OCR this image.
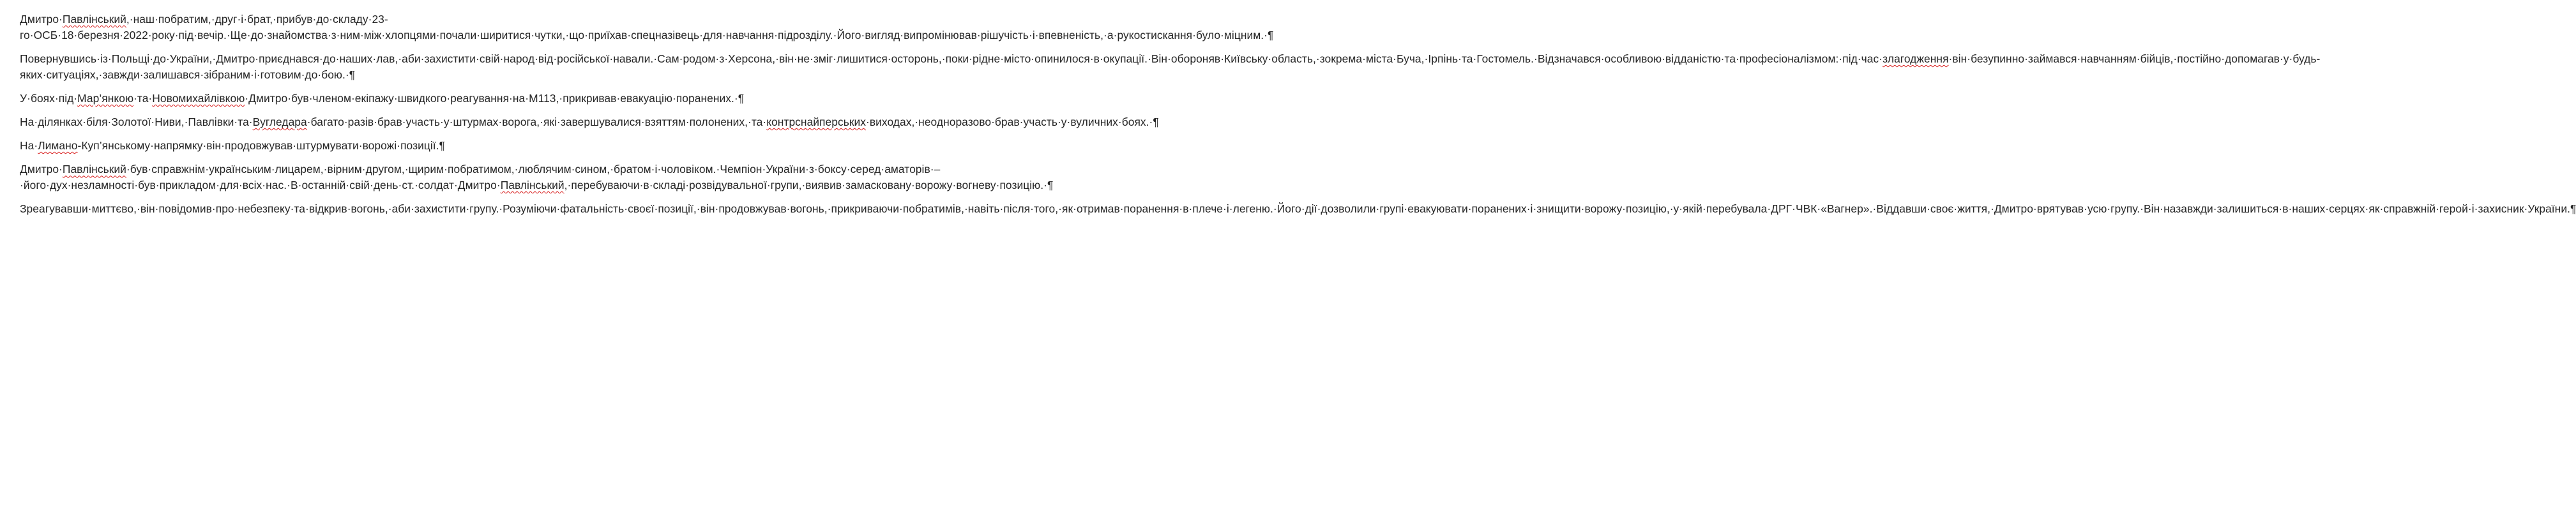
Дмитро·Павлінський,·наш·побратим,·друг·і·брат,·прибув·до·складу·23-го·ОСБ·18·березня·2022·року·під·вечір.·Ще·до·знайомства·з·ним·між·хлопцями·почали·ширитися·чутки,·що·приїхав·спецназівець·для·навчання·підрозділу.·Його·вигляд·випромінював·рішучість·і·впевненість,·а·рукостискання·було·міцним.·¶

Повернувшись·із·Польщі·до·України,·Дмитро·приєднався·до·наших·лав,·аби·захистити·свій·народ·від·російської·навали.·Сам·родом·з·Херсона,·він·не·зміг·лишитися·осторонь,·поки·рідне·місто·опинилося·в·окупації.·Він·обороняв·Київську·область,·зокрема·міста·Буча,·Ірпінь·та·Гостомель.·Відзначався·особливою·відданістю·та·професіоналізмом:·під·час·злагодження·він·безупинно·займався·навчанням·бійців,·постійно·допомагав·у·будь-яких·ситуаціях,·завжди·залишався·зібраним·і·готовим·до·бою.·¶

У·боях·під·Мар’янкою·та·Новомихайлівкою·Дмитро·був·членом·екіпажу·швидкого·реагування·на·М113,·прикривав·евакуацію·поранених.·¶

На·ділянках·біля·Золотої·Ниви,·Павлівки·та·Вугледара·багато·разів·брав·участь·у·штурмах·ворога,·які·завершувалися·взяттям·полонених,·та·контрснайперських·виходах,·неодноразово·брав·участь·у·вуличних·боях.·¶

На·Лимано-Куп’янському·напрямку·він·продовжував·штурмувати·ворожі·позиції.¶

Дмитро·Павлінський·був·справжнім·українським·лицарем,·вірним·другом,·щирим·побратимом,·люблячим·сином,·братом·і·чоловіком.·Чемпіон·України·з·боксу·серед·аматорів·–·його·дух·незламності·був·прикладом·для·всіх·нас.·В·останній·свій·день·ст.·солдат·Дмитро·Павлінський,·перебуваючи·в·складі·розвідувальної·групи,·виявив·замасковану·ворожу·вогневу·позицію.·¶

Зреагувавши·миттєво,·він·повідомив·про·небезпеку·та·відкрив·вогонь,·аби·захистити·групу.·Розуміючи·фатальність·своєї·позиції,·він·продовжував·вогонь,·прикриваючи·побратимів,·навіть·після·того,·як·отримав·поранення·в·плече·і·легеню.·Його·дії·дозволили·групі·евакуювати·поранених·і·знищити·ворожу·позицію,·у·якій·перебувала·ДРГ·ЧВК·«Вагнер».·Віддавши·своє·життя,·Дмитро·врятував·усю·групу.·Він·назавжди·залишиться·в·наших·серцях·як·справжній·герой·і·захисник·України.¶
